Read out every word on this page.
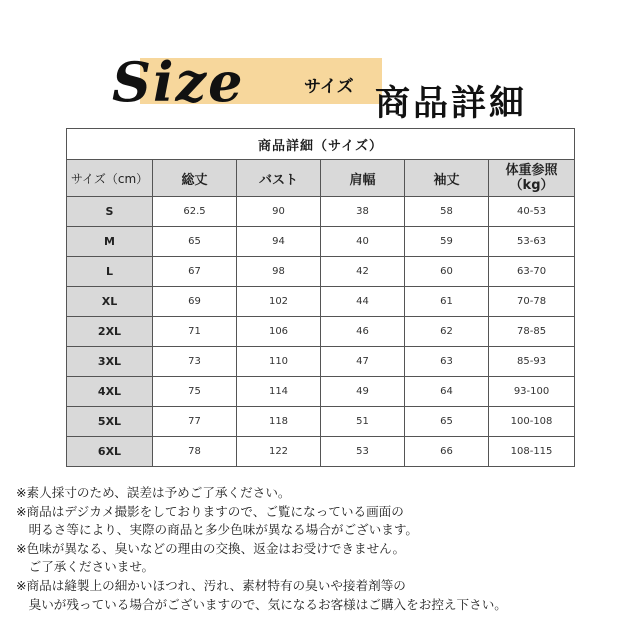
Size	サイズ 商品詳細
商品詳細（サイズ）					
サイズ（cm）	総丈	バスト	肩幅	袖丈	体重参照
（kg）

S	62.5	90	38	58	40-53
M	65	94	40	59	53-63
L	67	98	42	60	63-70
XL	69	102	44	61	70-78
2XL	71	106	46	62	78-85
3XL	73	110	47	63	85-93
4XL	75	114	49	64	93-100
5XL	77	118	51	65	100-108
6XL	78	122	53	66	108-115
※素人採寸のため、誤差は予めご了承ください。
※商品はデジカメ撮影をしておりますので、ご覧になっている画面の
　明るさ等により、実際の商品と多少色味が異なる場合がございます。
※色味が異なる、臭いなどの理由の交換、返金はお受けできません。
　ご了承くださいませ。
※商品は縫製上の細かいほつれ、汚れ、素材特有の臭いや接着剤等の
　臭いが残っている場合がございますので、気になるお客様はご購入をお控え下さい。
